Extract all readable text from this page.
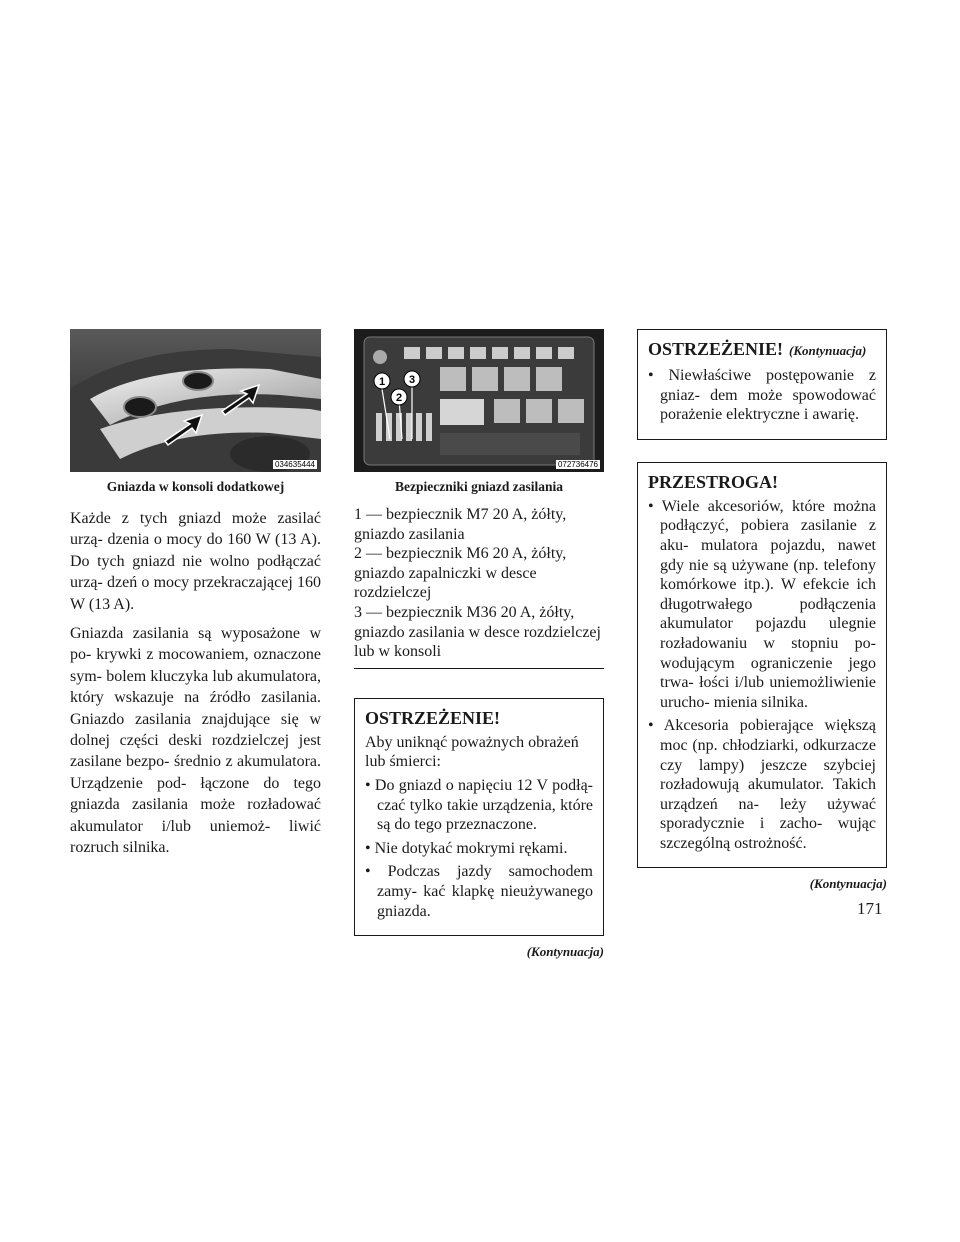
034635444
Gniazda w konsoli dodatkowej

Każde z tych gniazd może zasilać urzą- dzenia o mocy do 160 W (13 A). Do tych gniazd nie wolno podłączać urzą- dzeń o mocy przekraczającej 160 W (13 A).

Gniazda zasilania są wyposażone w po- krywki z mocowaniem, oznaczone sym- bolem kluczyka lub akumulatora, który wskazuje na źródło zasilania. Gniazdo zasilania znajdujące się w dolnej części deski rozdzielczej jest zasilane bezpo- średnio z akumulatora. Urządzenie pod- łączone do tego gniazda zasilania może rozładować akumulator i/lub uniemoż- liwić rozruch silnika.

1
2
3
072736476
Bezpieczniki gniazd zasilania
1 — bezpiecznik M7 20 A, żółty,
gniazdo zasilania
2 — bezpiecznik M6 20 A, żółty,
gniazdo zapalniczki w desce rozdzielczej
3 — bezpiecznik M36 20 A, żółty,
gniazdo zasilania w desce rozdzielczej
lub w konsoli
OSTRZEŻENIE!

Aby uniknąć poważnych obrażeń lub śmierci:

• Do gniazd o napięciu 12 V podłą- czać tylko takie urządzenia, które są do tego przeznaczone.
• Nie dotykać mokrymi rękami.
• Podczas jazdy samochodem zamy- kać klapkę nieużywanego gniazda.
(Kontynuacja)
OSTRZEŻENIE! (Kontynuacja)
• Niewłaściwe postępowanie z gniaz- dem może spowodować porażenie elektryczne i awarię.
PRZESTROGA!
• Wiele akcesoriów, które można podłączyć, pobiera zasilanie z aku- mulatora pojazdu, nawet gdy nie są używane (np. telefony komórkowe itp.). W efekcie ich długotrwałego podłączenia akumulator pojazdu ulegnie rozładowaniu w stopniu po- wodującym ograniczenie jego trwa- łości i/lub uniemożliwienie urucho- mienia silnika.
• Akcesoria pobierające większą moc (np. chłodziarki, odkurzacze czy lampy) jeszcze szybciej rozładowują akumulator. Takich urządzeń na- leży używać sporadycznie i zacho- wując szczególną ostrożność.
(Kontynuacja)
171
